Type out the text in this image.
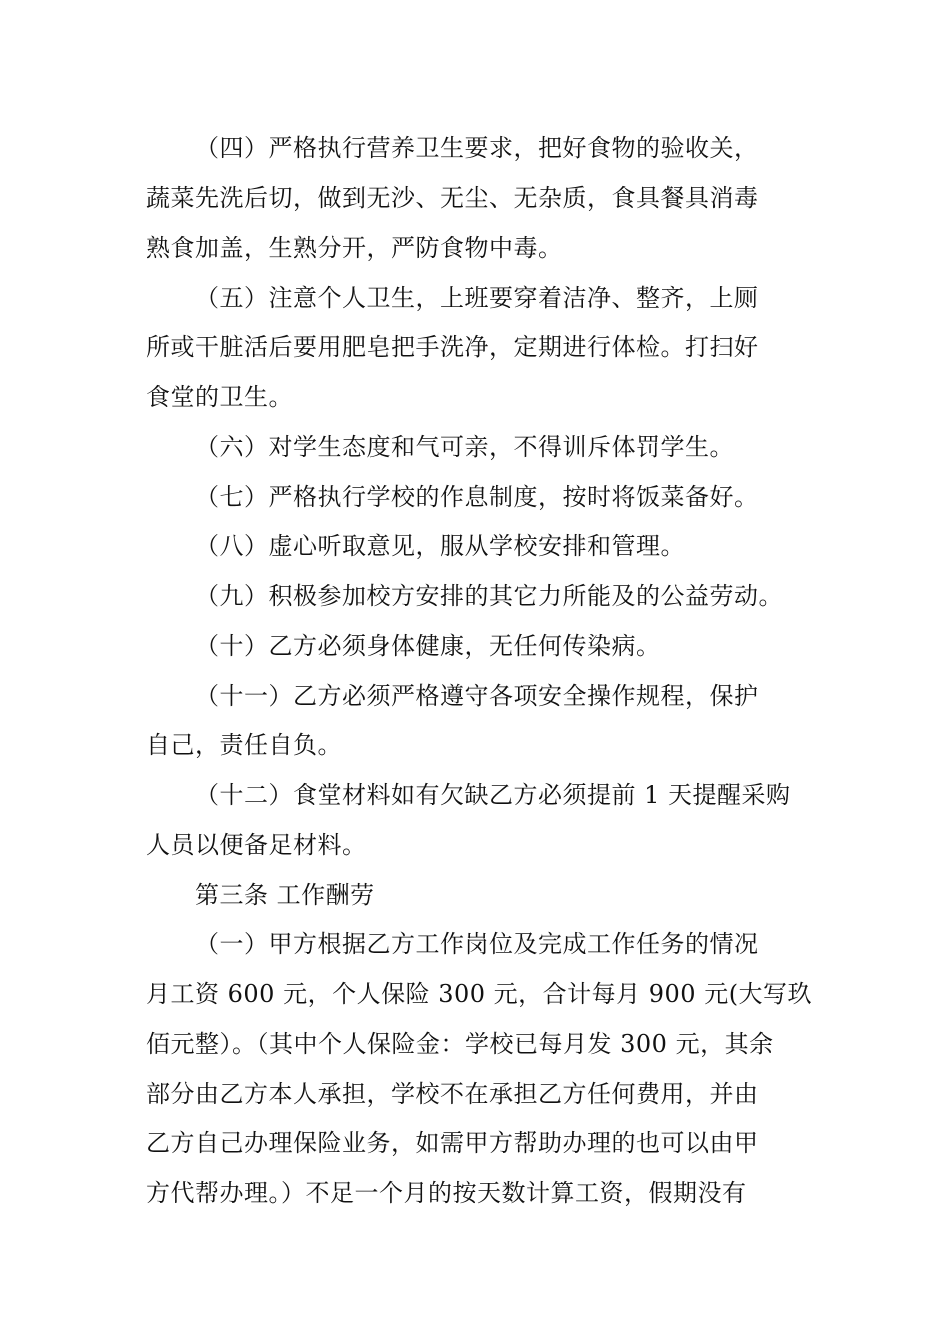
（四）严格执行营养卫生要求，把好食物的验收关，
蔬菜先洗后切，做到无沙、无尘、无杂质，食具餐具消毒
熟食加盖，生熟分开，严防食物中毒。
（五）注意个人卫生，上班要穿着洁净、整齐，上厕
所或干脏活后要用肥皂把手洗净，定期进行体检。打扫好
食堂的卫生。
（六）对学生态度和气可亲，不得训斥体罚学生。
（七）严格执行学校的作息制度，按时将饭菜备好。
（八）虚心听取意见，服从学校安排和管理。
（九）积极参加校方安排的其它力所能及的公益劳动。
（十）乙方必须身体健康，无任何传染病。
（十一）乙方必须严格遵守各项安全操作规程，保护
自己，责任自负。
（十二）食堂材料如有欠缺乙方必须提前 1 天提醒采购
人员以便备足材料。
第三条 工作酬劳
（一）甲方根据乙方工作岗位及完成工作任务的情况
月工资 600 元，个人保险 300 元，合计每月 900 元(大写玖
佰元整）。（其中个人保险金：学校已每月发 300 元，其余
部分由乙方本人承担，学校不在承担乙方任何费用，并由
乙方自己办理保险业务，如需甲方帮助办理的也可以由甲
方代帮办理。）不足一个月的按天数计算工资，假期没有
